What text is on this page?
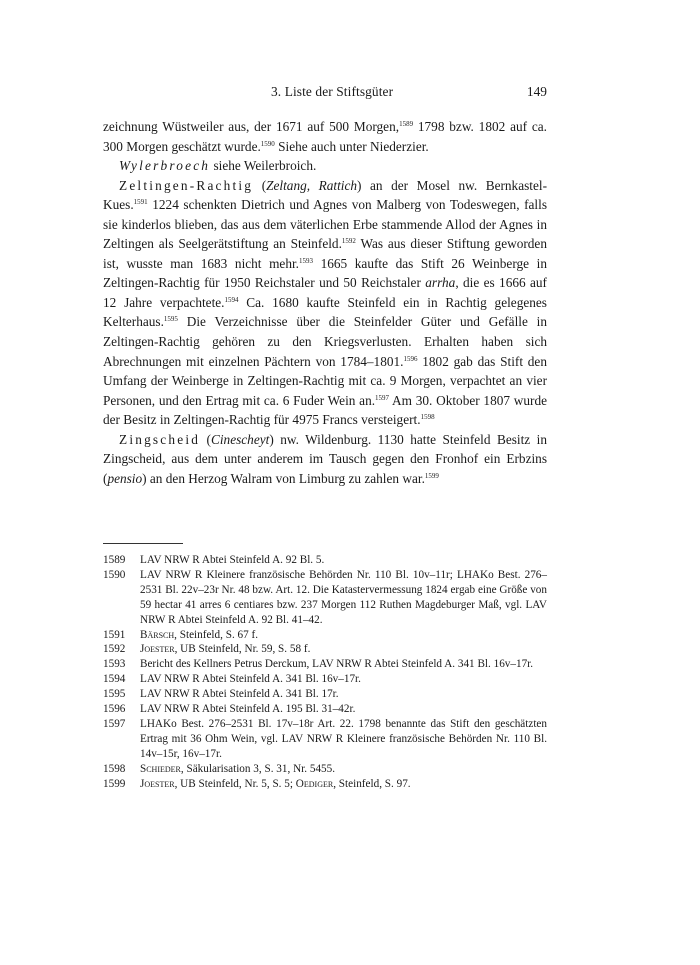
3. Liste der Stiftsgüter	149

zeichnung Wüstweiler aus, der 1671 auf 500 Morgen,$^{1589}$ 1798 bzw. 1802 auf ca. 300 Morgen geschätzt wurde.$^{1590}$ Siehe auch unter Niederzier.

Wylerbroech siehe Weilerbroich.

Zeltingen-Rachtig (Zeltang, Rattich) an der Mosel nw. Bernkastel-Kues.$^{1591}$ 1224 schenkten Dietrich und Agnes von Malberg von Todeswegen, falls sie kinderlos blieben, das aus dem väterlichen Erbe stammende Allod der Agnes in Zeltingen als Seelgerätstiftung an Steinfeld.$^{1592}$ Was aus dieser Stiftung geworden ist, wusste man 1683 nicht mehr.$^{1593}$ 1665 kaufte das Stift 26 Weinberge in Zeltingen-Rachtig für 1950 Reichstaler und 50 Reichstaler arrha, die es 1666 auf 12 Jahre verpachtete.$^{1594}$ Ca. 1680 kaufte Steinfeld ein in Rachtig gelegenes Kelterhaus.$^{1595}$ Die Verzeichnisse über die Steinfelder Güter und Gefälle in Zeltingen-Rachtig gehören zu den Kriegsverlusten. Erhalten haben sich Abrechnungen mit einzelnen Pächtern von 1784–1801.$^{1596}$ 1802 gab das Stift den Umfang der Weinberge in Zeltingen-Rachtig mit ca. 9 Morgen, verpachtet an vier Personen, und den Ertrag mit ca. 6 Fuder Wein an.$^{1597}$ Am 30. Oktober 1807 wurde der Besitz in Zeltingen-Rachtig für 4975 Francs versteigert.$^{1598}$

Zingscheid (Cinescheyt) nw. Wildenburg. 1130 hatte Steinfeld Besitz in Zingscheid, aus dem unter anderem im Tausch gegen den Fronhof ein Erbzins (pensio) an den Herzog Walram von Limburg zu zahlen war.$^{1599}$

1589	LAV NRW R Abtei Steinfeld A. 92 Bl. 5.
1590	LAV NRW R Kleinere französische Behörden Nr. 110 Bl. 10v–11r; LHAKo Best. 276–2531 Bl. 22v–23r Nr. 48 bzw. Art. 12. Die Katastervermessung 1824 ergab eine Größe von 59 hectar 41 arres 6 centiares bzw. 237 Morgen 112 Ruthen Magdeburger Maß, vgl. LAV NRW R Abtei Steinfeld A. 92 Bl. 41–42.
1591	Bärsch, Steinfeld, S. 67 f.
1592	Joester, UB Steinfeld, Nr. 59, S. 58 f.
1593	Bericht des Kellners Petrus Derckum, LAV NRW R Abtei Steinfeld A. 341 Bl. 16v–17r.
1594	LAV NRW R Abtei Steinfeld A. 341 Bl. 16v–17r.
1595	LAV NRW R Abtei Steinfeld A. 341 Bl. 17r.
1596	LAV NRW R Abtei Steinfeld A. 195 Bl. 31–42r.
1597	LHAKo Best. 276–2531 Bl. 17v–18r Art. 22. 1798 benannte das Stift den geschätzten Ertrag mit 36 Ohm Wein, vgl. LAV NRW R Kleinere französische Behörden Nr. 110 Bl. 14v–15r, 16v–17r.
1598	Schieder, Säkularisation 3, S. 31, Nr. 5455.
1599	Joester, UB Steinfeld, Nr. 5, S. 5; Oediger, Steinfeld, S. 97.
